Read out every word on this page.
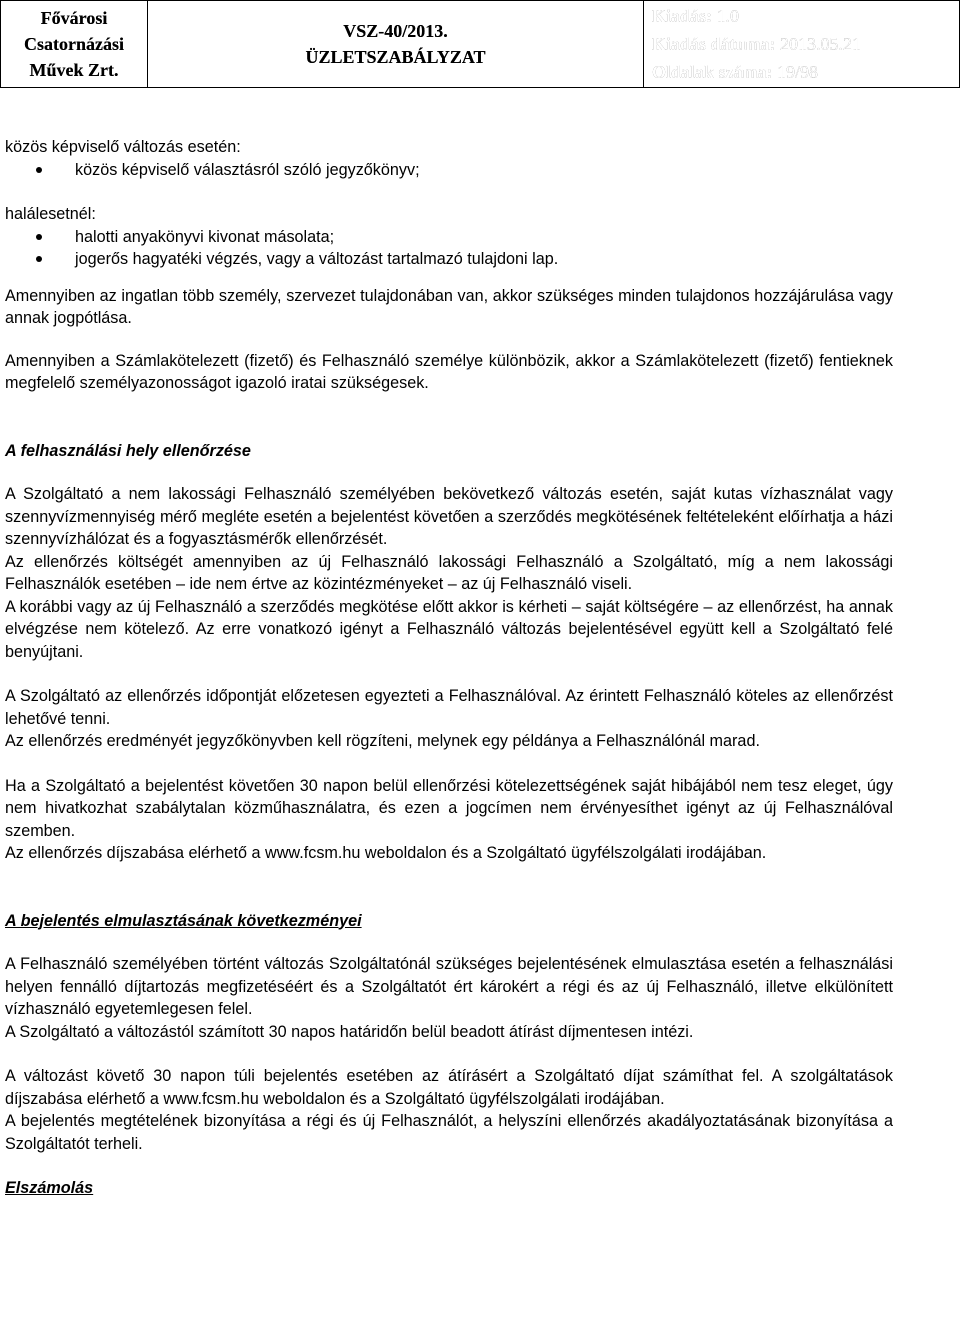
Fővárosi
Csatornázási
Művek Zrt.
VSZ-40/2013.
ÜZLETSZABÁLYZAT
Kiadás: 1.0
Kiadás dátuma: 2013.05.21
Oldalak száma: 19/98

közös képviselő változás esetén:

közös képviselő választásról szóló jegyzőkönyv;

halálesetnél:

halotti anyakönyvi kivonat másolata;
jogerős hagyatéki végzés, vagy a változást tartalmazó tulajdoni lap.

Amennyiben az ingatlan több személy, szervezet tulajdonában van, akkor szükséges minden tulajdonos hozzájárulása vagy annak jogpótlása.

Amennyiben a Számlakötelezett (fizető) és Felhasználó személye különbözik, akkor a Számlakötelezett (fizető) fentieknek megfelelő személyazonosságot igazoló iratai szükségesek.

A felhasználási hely ellenőrzése

A Szolgáltató a nem lakossági Felhasználó személyében bekövetkező változás esetén, saját kutas vízhasználat vagy szennyvízmennyiség mérő megléte esetén a bejelentést követően a szerződés megkötésének feltételeként előírhatja a házi szennyvízhálózat és a fogyasztásmérők ellenőrzését.

Az ellenőrzés költségét amennyiben az új Felhasználó lakossági Felhasználó a Szolgáltató, míg a nem lakossági Felhasználók esetében – ide nem értve az közintézményeket – az új Felhasználó viseli.

A korábbi vagy az új Felhasználó a szerződés megkötése előtt akkor is kérheti – saját költségére – az ellenőrzést, ha annak elvégzése nem kötelező. Az erre vonatkozó igényt a Felhasználó változás bejelentésével együtt kell a Szolgáltató felé benyújtani.

A Szolgáltató az ellenőrzés időpontját előzetesen egyezteti a Felhasználóval. Az érintett Felhasználó köteles az ellenőrzést lehetővé tenni.

Az ellenőrzés eredményét jegyzőkönyvben kell rögzíteni, melynek egy példánya a Felhasználónál marad.

Ha a Szolgáltató a bejelentést követően 30 napon belül ellenőrzési kötelezettségének saját hibájából nem tesz eleget, úgy nem hivatkozhat szabálytalan közműhasználatra, és ezen a jogcímen nem érvényesíthet igényt az új Felhasználóval szemben.

Az ellenőrzés díjszabása elérhető a www.fcsm.hu weboldalon és a Szolgáltató ügyfélszolgálati irodájában.

A bejelentés elmulasztásának következményei

A Felhasználó személyében történt változás Szolgáltatónál szükséges bejelentésének elmulasztása esetén a felhasználási helyen fennálló díjtartozás megfizetéséért és a Szolgáltatót ért károkért a régi és az új Felhasználó, illetve elkülönített vízhasználó egyetemlegesen felel.

A Szolgáltató a változástól számított 30 napos határidőn belül beadott átírást díjmentesen intézi.

A változást követő 30 napon túli bejelentés esetében az átírásért a Szolgáltató díjat számíthat fel. A szolgáltatások díjszabása elérhető a www.fcsm.hu weboldalon és a Szolgáltató ügyfélszolgálati irodájában.

A bejelentés megtételének bizonyítása a régi és új Felhasználót, a helyszíni ellenőrzés akadályoztatásának bizonyítása a Szolgáltatót terheli.

Elszámolás
